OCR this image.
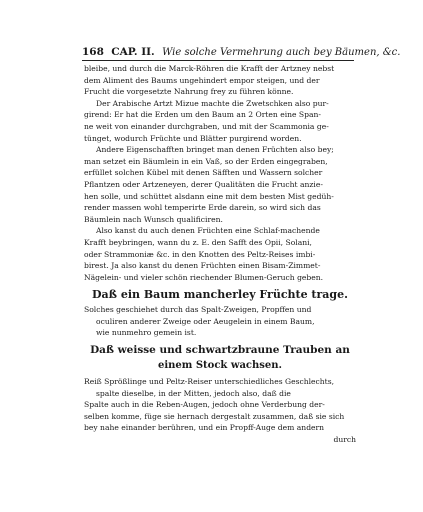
168 CAP. II. Wie solche Vermehrung auch bey Bäumen, &c.
bleibe, und durch die Marck-Röhren die Krafft der Artzney nebst
dem Aliment des Baums ungehindert empor steigen, und der
Frucht die vorgesetzte Nahrung frey zu führen könne.
Der Arabische Artzt Mizue machte die Zwetschken also pur-
girend: Er hat die Erden um den Baum an 2 Orten eine Span-
ne weit von einander durchgraben, und mit der Scammonia ge-
tünget, wodurch Früchte und Blätter purgirend worden.
Andere Eigenschafften bringet man denen Früchten also bey;
man setzet ein Bäumlein in ein Vaß, so der Erden eingegraben,
erfüllet solchen Kübel mit denen Säfften und Wassern solcher
Pflantzen oder Artzeneyen, derer Qualitäten die Frucht anzie-
hen solle, und schüttet alsdann eine mit dem besten Mist gedüh-
render massen wohl temperirte Erde darein, so wird sich das
Bäumlein nach Wunsch qualificiren.
Also kanst du auch denen Früchten eine Schlaf-machende
Krafft beybringen, wann du z. E. den Safft des Opii, Solani,
oder Strammoniæ &c. in den Knotten des Peltz-Reises imbi-
birest. Ja also kanst du denen Früchten einen Bisam-Zimmet-
Nägelein- und vieler schön riechender Blumen-Geruch geben.
Daß ein Baum mancherley Früchte trage.
Solches geschiehet durch das Spalt-Zweigen, Propffen und
oculiren anderer Zweige oder Aeugelein in einem Baum,
wie nunmehro gemein ist.
Daß weisse und schwartzbraune Trauben an
einem Stock wachsen.
Reiß Sprößlinge und Peltz-Reiser unterschiedliches Geschlechts,
spalte dieselbe, in der Mitten, jedoch also, daß die
Spalte auch in die Reben-Augen, jedoch ohne Verderbung der-
selben komme, füge sie hernach dergestalt zusammen, daß sie sich
bey nahe einander berühren, und ein Propff-Auge dem andern
durch
